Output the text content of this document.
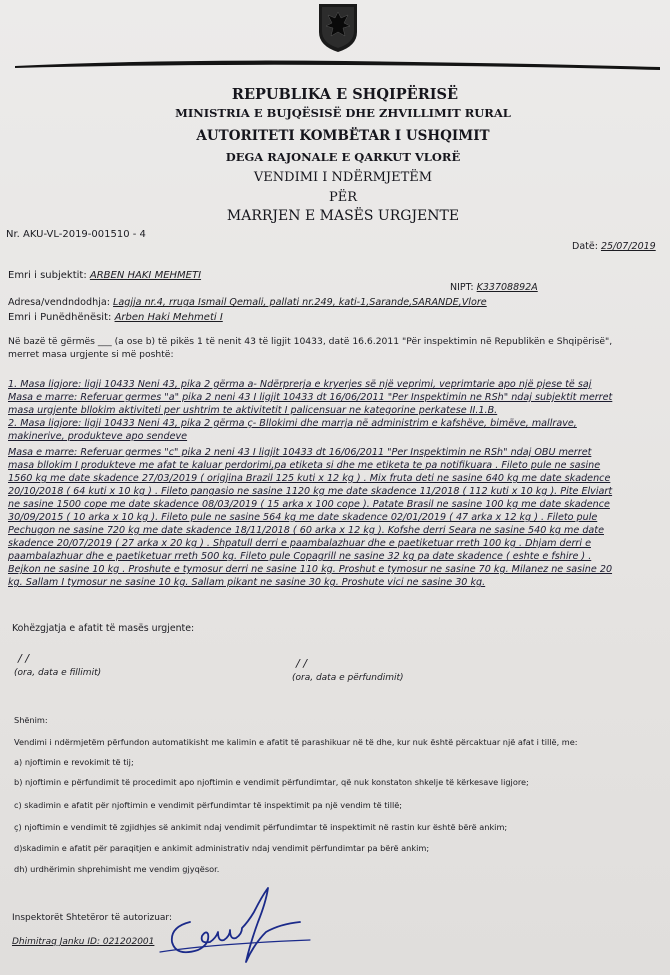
REPUBLIKA E SHQIPËRISË
MINISTRIA E BUJQËSISË DHE ZHVILLIMIT RURAL
AUTORITETI KOMBËTAR I USHQIMIT
DEGA RAJONALE E QARKUT VLORË
VENDIMI I NDËRMJETËM
PËR
MARRJEN E MASËS URGJENTE
Nr. AKU-VL-2019-001510 - 4
Datë: 25/07/2019
Emri i subjektit: ARBEN HAKI MEHMETI
NIPT: K33708892A
Adresa/vendndodhja: Lagjja nr.4, rruga Ismail Qemali, pallati nr.249, kati-1,Sarande,SARANDE,Vlore
Emri i Punëdhënësit: Arben Haki Mehmeti I
Në bazë të gërmës ___ (a ose b) të pikës 1 të nenit 43 të ligjit 10433, datë 16.6.2011 "Për inspektimin në Republikën e Shqipërisë",
merret masa urgjente si më poshtë:
1. Masa ligjore: ligji 10433 Neni 43, pika 2 gërma a- Ndërprerja e kryerjes së një veprimi, veprimtarie apo një pjese të saj
Masa e marre: Referuar germes "a" pika 2 neni 43 I ligjit 10433 dt 16/06/2011 "Per Inspektimin ne RSh" ndaj subjektit merret
masa urgjente bllokim aktiviteti per ushtrim te aktivitetit I palicensuar ne kategorine perkatese II.1.B.
2. Masa ligjore: ligji 10433 Neni 43, pika 2 gërma ç- Bllokimi dhe marrja në administrim e kafshëve, bimëve, mallrave,
makinerive, produkteve apo sendeve
Masa e marre: Referuar germes "c" pika 2 neni 43 I ligjit 10433 dt 16/06/2011 "Per Inspektimin ne RSh" ndaj OBU merret
masa bllokim I produkteve me afat te kaluar perdorimi,pa etiketa si dhe me etiketa te pa notifikuara . Fileto pule ne sasine
1560 kg me date skadence 27/03/2019 ( origjina Brazil 125 kuti x 12 kg ) . Mix fruta deti ne sasine 640 kg me date skadence
20/10/2018 ( 64 kuti x 10 kg ) . Fileto pangasio ne sasine 1120 kg me date skadence 11/2018 ( 112 kuti x 10 kg ). Pite Elviart
ne sasine 1500 cope me date skadence 08/03/2019 ( 15 arka x 100 cope ). Patate Brasil ne sasine 100 kg me date skadence
30/09/2015 ( 10 arka x 10 kg ). Fileto pule ne sasine 564 kg me date skadence 02/01/2019 ( 47 arka x 12 kg ) . Fileto pule
Pechugon ne sasine 720 kg me date skadence 18/11/2018 ( 60 arka x 12 kg ). Kofshe derri Seara ne sasine 540 kg me date
skadence 20/07/2019 ( 27 arka x 20 kg ) . Shpatull derri e paambalazhuar dhe e paetiketuar rreth 100 kg . Dhjam derri e
paambalazhuar dhe e paetiketuar rreth 500 kg. Fileto pule Copagrill ne sasine 32 kg pa date skadence ( eshte e fshire ) .
Bejkon ne sasine 10 kg . Proshute e tymosur derri ne sasine 110 kg. Proshut e tymosur ne sasine 70 kg. Milanez ne sasine 20
kg. Sallam I tymosur ne sasine 10 kg. Sallam pikant ne sasine 30 kg. Proshute vici ne sasine 30 kg.
Kohëzgjatja e afatit të masës urgjente:
/ /
(ora, data e fillimit)
/ /
(ora, data e përfundimit)
Shënim:
Vendimi i ndërmjetëm përfundon automatikisht me kalimin e afatit të parashikuar në të dhe, kur nuk është përcaktuar një afat i tillë, me:
a) njoftimin e revokimit të tij;
b) njoftimin e përfundimit të procedimit apo njoftimin e vendimit përfundimtar, që nuk konstaton shkelje të kërkesave ligjore;
c) skadimin e afatit për njoftimin e vendimit përfundimtar të inspektimit pa një vendim të tillë;
ç) njoftimin e vendimit të zgjidhjes së ankimit ndaj vendimit përfundimtar të inspektimit në rastin kur është bërë ankim;
d)skadimin e afatit për paraqitjen e ankimit administrativ ndaj vendimit përfundimtar pa bërë ankim;
dh) urdhërimin shprehimisht me vendim gjyqësor.
Inspektorët Shtetëror të autorizuar:
Dhimitraq Janku ID: 021202001
